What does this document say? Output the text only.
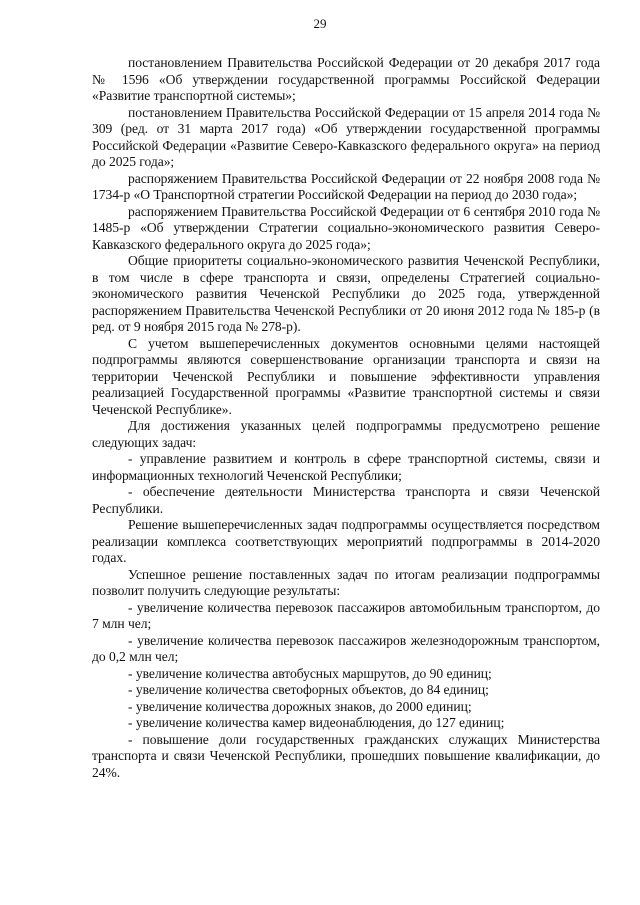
29

постановлением Правительства Российской Федерации от 20 декабря 2017 года № 1596 «Об утверждении государственной программы Российской Федерации «Развитие транспортной системы»;

постановлением Правительства Российской Федерации от 15 апреля 2014 года № 309 (ред. от 31 марта 2017 года) «Об утверждении государственной программы Российской Федерации «Развитие Северо-Кавказского федерального округа» на период до 2025 года»;

распоряжением Правительства Российской Федерации от 22 ноября 2008 года № 1734-р «О Транспортной стратегии Российской Федерации на период до 2030 года»;

распоряжением Правительства Российской Федерации от 6 сентября 2010 года № 1485-р «Об утверждении Стратегии социально-экономического развития Северо-Кавказского федерального округа до 2025 года»;

Общие приоритеты социально-экономического развития Чеченской Республики, в том числе в сфере транспорта и связи, определены Стратегией социально-экономического развития Чеченской Республики до 2025 года, утвержденной распоряжением Правительства Чеченской Республики от 20 июня 2012 года № 185-р (в ред. от 9 ноября 2015 года № 278-р).

С учетом вышеперечисленных документов основными целями настоящей подпрограммы являются совершенствование организации транспорта и связи на территории Чеченской Республики и повышение эффективности управления реализацией Государственной программы «Развитие транспортной системы и связи Чеченской Республике».

Для достижения указанных целей подпрограммы предусмотрено решение следующих задач:

- управление развитием и контроль в сфере транспортной системы, связи и информационных технологий Чеченской Республики;

- обеспечение деятельности Министерства транспорта и связи Чеченской Республики.

Решение вышеперечисленных задач подпрограммы осуществляется посредством реализации комплекса соответствующих мероприятий подпрограммы в 2014-2020 годах.

Успешное решение поставленных задач по итогам реализации подпрограммы позволит получить следующие результаты:

- увеличение количества перевозок пассажиров автомобильным транспортом, до 7 млн чел;

- увеличение количества перевозок пассажиров железнодорожным транспортом, до 0,2 млн чел;

- увеличение количества автобусных маршрутов, до 90 единиц;

- увеличение количества светофорных объектов, до 84 единиц;

- увеличение количества дорожных знаков, до 2000 единиц;

- увеличение количества камер видеонаблюдения, до 127 единиц;

- повышение доли государственных гражданских служащих Министерства транспорта и связи Чеченской Республики, прошедших повышение квалификации, до 24%.
